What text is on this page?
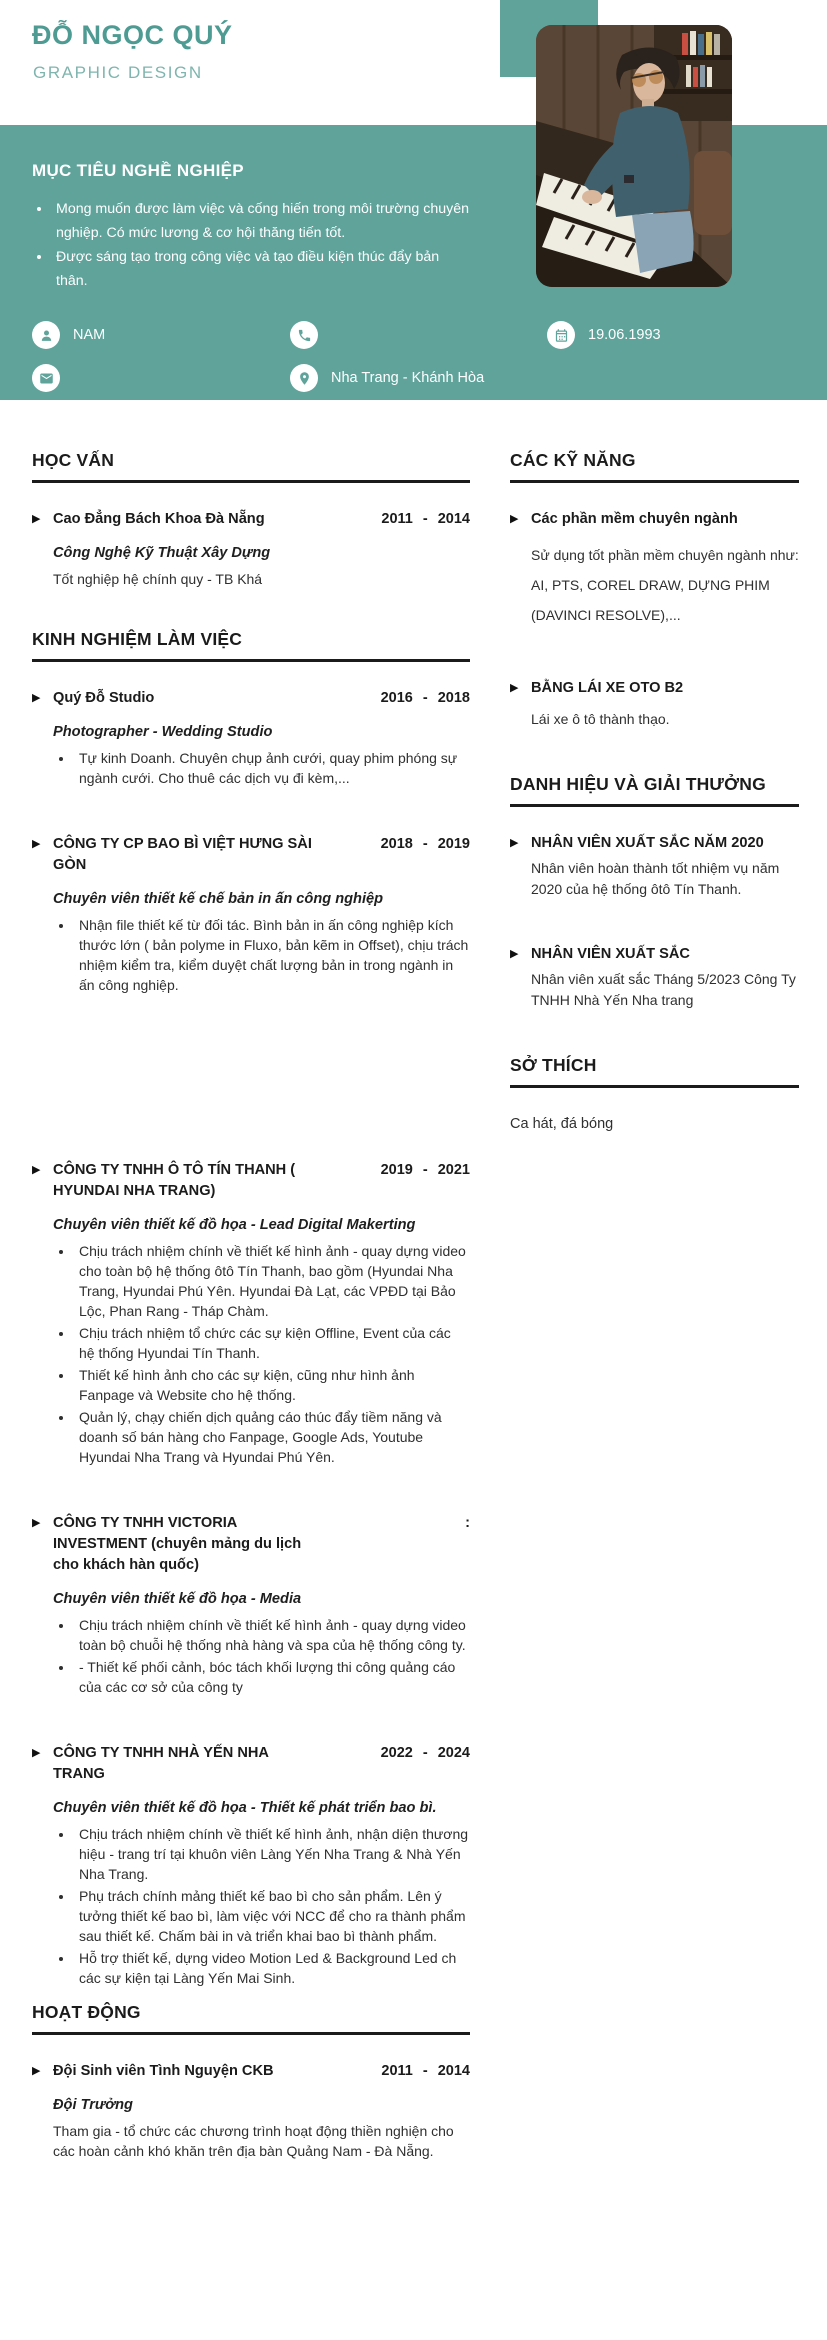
ĐỖ NGỌC QUÝ
GRAPHIC DESIGN
MỤC TIÊU NGHỀ NGHIỆP
• Mong muốn được làm việc và cống hiến trong môi trường chuyên nghiệp. Có mức lương & cơ hội thăng tiến tốt.
• Được sáng tạo trong công việc và tạo điều kiện thúc đẩy bản thân.
NAM	19.06.1993
Nha Trang - Khánh Hòa
HỌC VẤN
▶ Cao Đẳng Bách Khoa Đà Nẵng	2011 - 2014
Công Nghệ Kỹ Thuật Xây Dựng

Tốt nghiệp hệ chính quy - TB Khá

KINH NGHIỆM LÀM VIỆC
▶ Quý Đỗ Studio	2016 - 2018
Photographer - Wedding Studio
• Tự kinh Doanh. Chuyên chụp ảnh cưới, quay phim phóng sự ngành cưới. Cho thuê các dịch vụ đi kèm,...
▶ CÔNG TY CP BAO BÌ VIỆT HƯNG SÀI GÒN
2018 - 2019
Chuyên viên thiết kế chế bản in ấn công nghiệp
• Nhận file thiết kế từ đối tác. Bình bản in ấn công nghiệp kích thước lớn ( bản polyme in Fluxo, bản kẽm in Offset), chịu trách nhiệm kiểm tra, kiểm duyệt chất lượng bản in trong ngành in ấn công nghiệp.
▶ CÔNG TY TNHH Ô TÔ TÍN THANH ( HYUNDAI NHA TRANG)
2019 - 2021
Chuyên viên thiết kế đồ họa - Lead Digital Makerting
• Chịu trách nhiệm chính về thiết kế hình ảnh - quay dựng video cho toàn bộ hệ thống ôtô Tín Thanh, bao gồm (Hyundai Nha Trang, Hyundai Phú Yên. Hyundai Đà Lạt, các VPĐD tại Bảo Lộc, Phan Rang - Tháp Chàm.
• Chịu trách nhiệm tổ chức các sự kiện Offline, Event của các hệ thống Hyundai Tín Thanh.
• Thiết kế hình ảnh cho các sự kiện, cũng như hình ảnh Fanpage và Website cho hệ thống.
• Quản lý, chạy chiến dịch quảng cáo thúc đẩy tiềm năng và doanh số bán hàng cho Fanpage, Google Ads, Youtube Hyundai Nha Trang và Hyundai Phú Yên.
▶ CÔNG TY TNHH VICTORIA INVESTMENT (chuyên mảng du lịch cho khách hàn quốc)
:
Chuyên viên thiết kế đồ họa - Media
• Chịu trách nhiệm chính về thiết kế hình ảnh - quay dựng video toàn bộ chuỗi hệ thống nhà hàng và spa của hệ thống công ty.
• - Thiết kế phối cảnh, bóc tách khối lượng thi công quảng cáo của các cơ sở của công ty
▶ CÔNG TY TNHH NHÀ YẾN NHA TRANG
2022 - 2024
Chuyên viên thiết kế đồ họa - Thiết kế phát triển bao bì.
• Chịu trách nhiệm chính về thiết kế hình ảnh, nhận diện thương hiệu - trang trí tại khuôn viên Làng Yến Nha Trang & Nhà Yến Nha Trang.
• Phụ trách chính mảng thiết kế bao bì cho sản phẩm. Lên ý tưởng thiết kế bao bì, làm việc với NCC để cho ra thành phẩm sau thiết kế. Chấm bài in và triển khai bao bì thành phẩm.
• Hỗ trợ thiết kế, dựng video Motion Led & Background Led ch các sự kiện tại Làng Yến Mai Sinh.
HOẠT ĐỘNG
▶ Đội Sinh viên Tình Nguyện CKB	2011 - 2014
Đội Trưởng

Tham gia - tổ chức các chương trình hoạt động thiền nghiện cho các hoàn cảnh khó khăn trên địa bàn Quảng Nam - Đà Nẵng.

CÁC KỸ NĂNG
▶ Các phần mềm chuyên ngành

Sử dụng tốt phần mềm chuyên ngành như: AI, PTS, COREL DRAW, DỰNG PHIM (DAVINCI RESOLVE),...

▶ BẰNG LÁI XE OTO B2

Lái xe ô tô thành thạo.

DANH HIỆU VÀ GIẢI THƯỞNG
▶ NHÂN VIÊN XUẤT SẮC NĂM 2020

Nhân viên hoàn thành tốt nhiệm vụ năm 2020 của hệ thống ôtô Tín Thanh.

▶ NHÂN VIÊN XUẤT SẮC

Nhân viên xuất sắc Tháng 5/2023 Công Ty TNHH Nhà Yến Nha trang

SỞ THÍCH

Ca hát, đá bóng
